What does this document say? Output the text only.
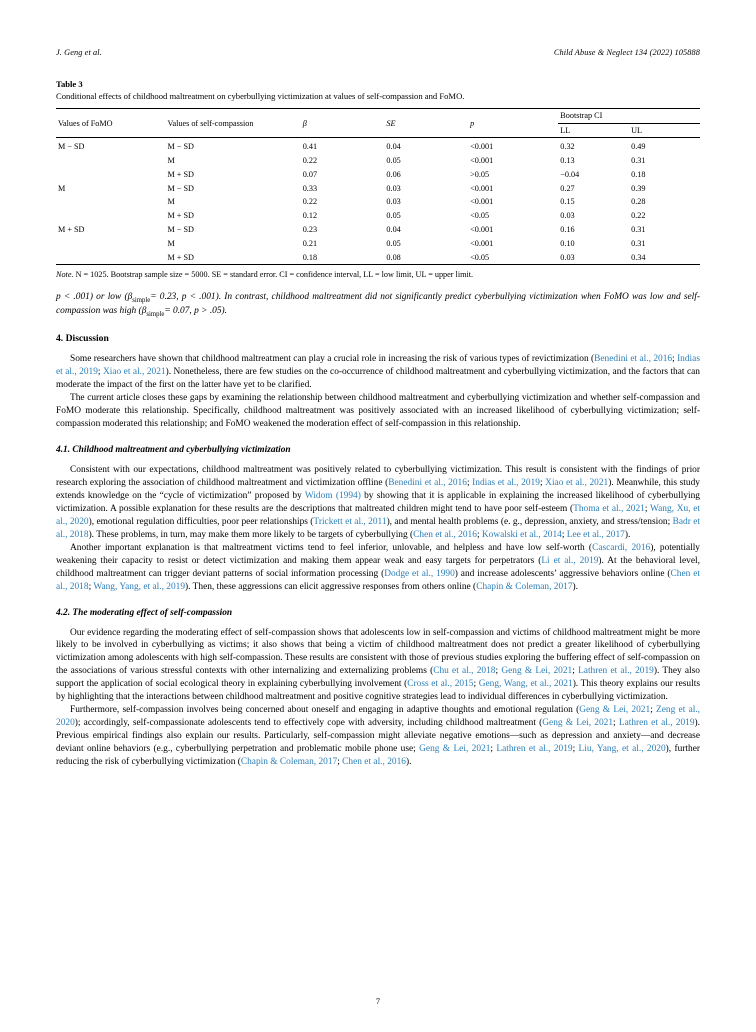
J. Geng et al.	Child Abuse & Neglect 134 (2022) 105888
Table 3
Conditional effects of childhood maltreatment on cyberbullying victimization at values of self-compassion and FoMO.
Values of FoMO	Values of self-compassion	β	SE	p	Bootstrap CI	
					LL	UL
M − SD	M − SD	0.41	0.04	<0.001	0.32	0.49
	M	0.22	0.05	<0.001	0.13	0.31
	M + SD	0.07	0.06	>0.05	−0.04	0.18
M	M − SD	0.33	0.03	<0.001	0.27	0.39
	M	0.22	0.03	<0.001	0.15	0.28
	M + SD	0.12	0.05	<0.05	0.03	0.22
M + SD	M − SD	0.23	0.04	<0.001	0.16	0.31
	M	0.21	0.05	<0.001	0.10	0.31
	M + SD	0.18	0.08	<0.05	0.03	0.34
Note. N = 1025. Bootstrap sample size = 5000. SE = standard error. CI = confidence interval, LL = low limit, UL = upper limit.

p < .001) or low ($\beta_{simple}= 0.23$, p < .001). In contrast, childhood maltreatment did not significantly predict cyberbullying victimization when FoMO was low and self-compassion was high ($\beta_{simple}= 0.07$, p > .05).

4. Discussion

Some researchers have shown that childhood maltreatment can play a crucial role in increasing the risk of various types of revictimization (Benedini et al., 2016; Indias et al., 2019; Xiao et al., 2021). Nonetheless, there are few studies on the co-occurrence of childhood maltreatment and cyberbullying victimization, and the factors that can moderate the impact of the first on the latter have yet to be clarified.

The current article closes these gaps by examining the relationship between childhood maltreatment and cyberbullying victimization and whether self-compassion and FoMO moderate this relationship. Specifically, childhood maltreatment was positively associated with an increased likelihood of cyberbullying victimization; self-compassion moderated this relationship; and FoMO weakened the moderation effect of self-compassion in this relationship.

4.1. Childhood maltreatment and cyberbullying victimization

Consistent with our expectations, childhood maltreatment was positively related to cyberbullying victimization. This result is consistent with the findings of prior research exploring the association of childhood maltreatment and victimization offline (Benedini et al., 2016; Indias et al., 2019; Xiao et al., 2021). Meanwhile, this study extends knowledge on the “cycle of victimization” proposed by Widom (1994) by showing that it is applicable in explaining the increased likelihood of cyberbullying victimization. A possible explanation for these results are the descriptions that maltreated children might tend to have poor self-esteem (Thoma et al., 2021; Wang, Xu, et al., 2020), emotional regulation difficulties, poor peer relationships (Trickett et al., 2011), and mental health problems (e. g., depression, anxiety, and stress/tension; Badr et al., 2018). These problems, in turn, may make them more likely to be targets of cyberbullying (Chen et al., 2016; Kowalski et al., 2014; Lee et al., 2017).

Another important explanation is that maltreatment victims tend to feel inferior, unlovable, and helpless and have low self-worth (Cascardi, 2016), potentially weakening their capacity to resist or detect victimization and making them appear weak and easy targets for perpetrators (Li et al., 2019). At the behavioral level, childhood maltreatment can trigger deviant patterns of social information processing (Dodge et al., 1990) and increase adolescents’ aggressive behaviors online (Chen et al., 2018; Wang, Yang, et al., 2019). Then, these aggressions can elicit aggressive responses from others online (Chapin & Coleman, 2017).

4.2. The moderating effect of self-compassion

Our evidence regarding the moderating effect of self-compassion shows that adolescents low in self-compassion and victims of childhood maltreatment might be more likely to be involved in cyberbullying as victims; it also shows that being a victim of childhood maltreatment does not predict a greater likelihood of cyberbullying victimization among adolescents with high self-compassion. These results are consistent with those of previous studies exploring the buffering effect of self-compassion on the associations of various stressful contexts with other internalizing and externalizing problems (Chu et al., 2018; Geng & Lei, 2021; Lathren et al., 2019). They also support the application of social ecological theory in explaining cyberbullying involvement (Cross et al., 2015; Geng, Wang, et al., 2021). This theory explains our results by highlighting that the interactions between childhood maltreatment and positive cognitive strategies lead to individual differences in cyberbullying victimization.

Furthermore, self-compassion involves being concerned about oneself and engaging in adaptive thoughts and emotional regulation (Geng & Lei, 2021; Zeng et al., 2020); accordingly, self-compassionate adolescents tend to effectively cope with adversity, including childhood maltreatment (Geng & Lei, 2021; Lathren et al., 2019). Previous empirical findings also explain our results. Particularly, self-compassion might alleviate negative emotions—such as depression and anxiety—and decrease deviant online behaviors (e.g., cyberbullying perpetration and problematic mobile phone use; Geng & Lei, 2021; Lathren et al., 2019; Liu, Yang, et al., 2020), further reducing the risk of cyberbullying victimization (Chapin & Coleman, 2017; Chen et al., 2016).

7
